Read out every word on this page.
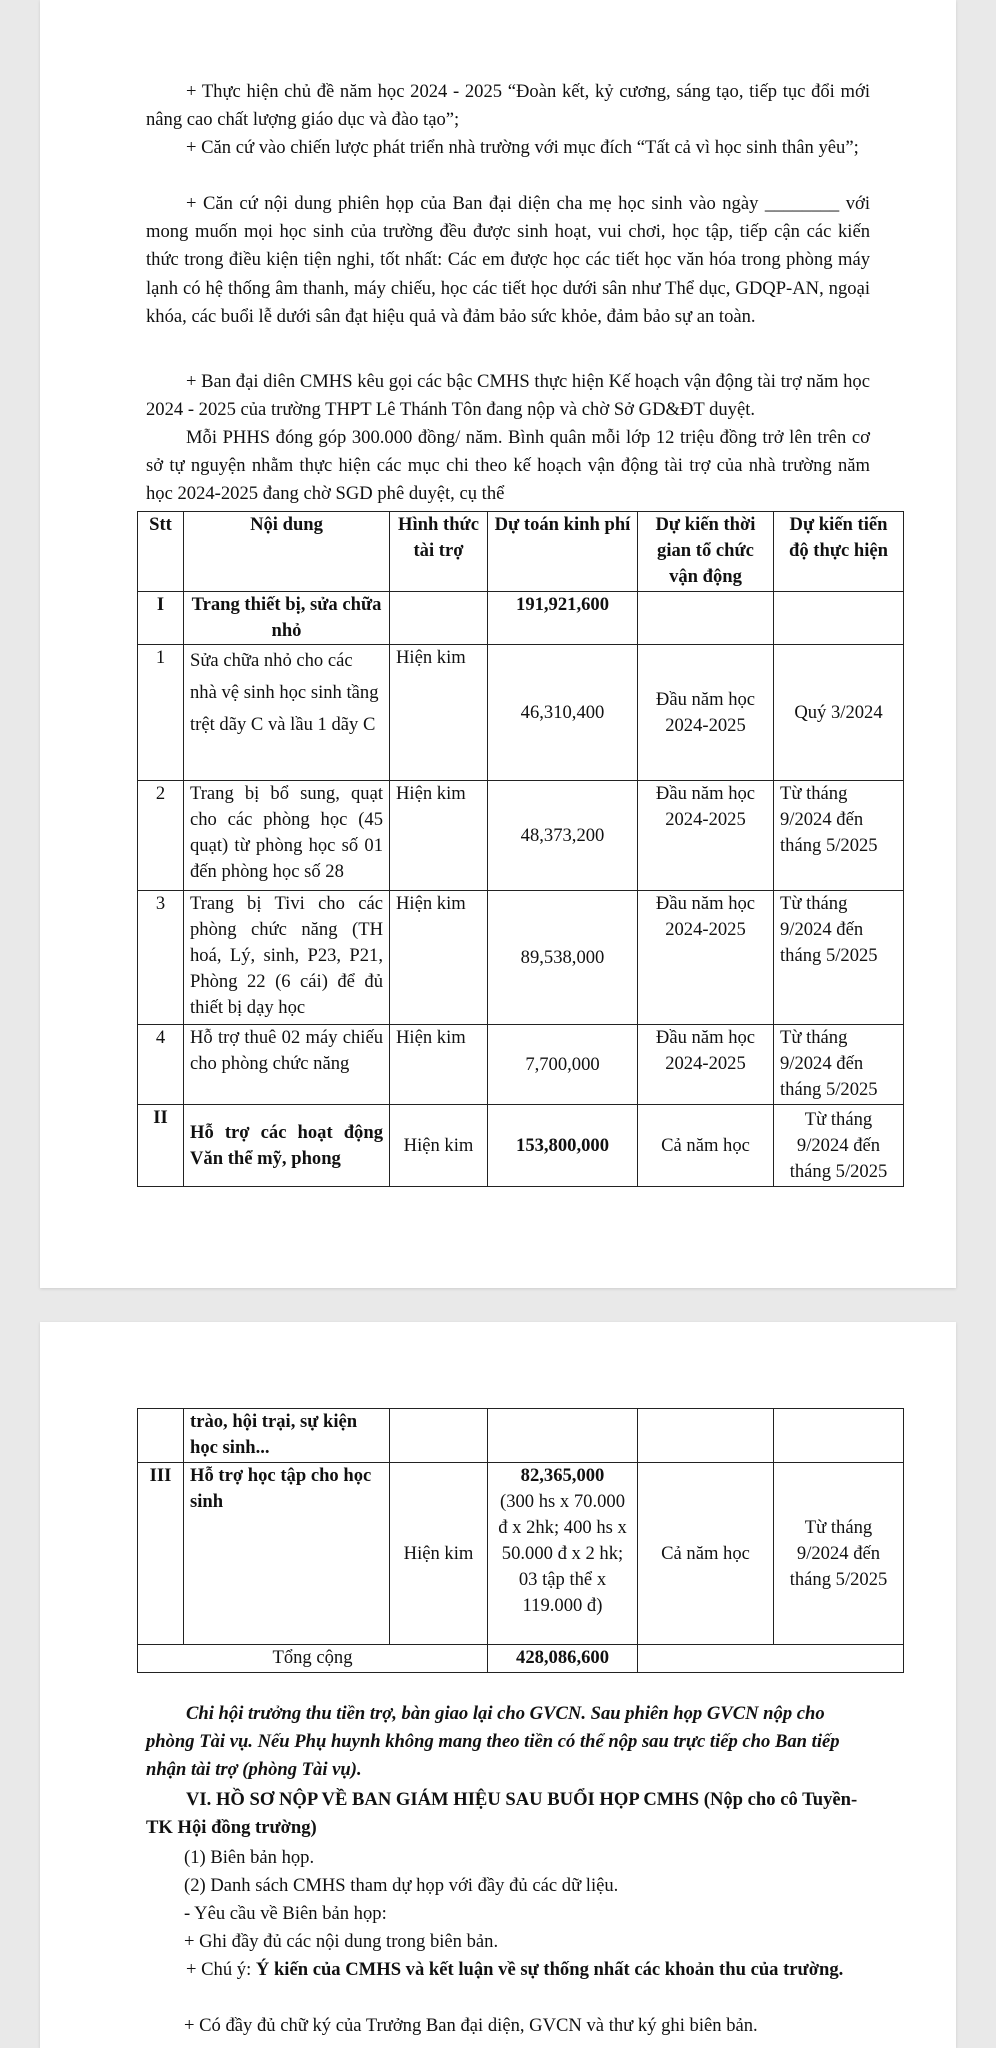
+ Thực hiện chủ đề năm học 2024 - 2025 “Đoàn kết, kỷ cương, sáng tạo, tiếp tục đổi mới nâng cao chất lượng giáo dục và đào tạo”;

+ Căn cứ vào chiến lược phát triển nhà trường với mục đích “Tất cả vì học sinh thân yêu”;

+ Căn cứ nội dung phiên họp của Ban đại diện cha mẹ học sinh vào ngày ________ với mong muốn mọi học sinh của trường đều được sinh hoạt, vui chơi, học tập, tiếp cận các kiến thức trong điều kiện tiện nghi, tốt nhất: Các em được học các tiết học văn hóa trong phòng máy lạnh có hệ thống âm thanh, máy chiếu, học các tiết học dưới sân như Thể dục, GDQP-AN, ngoại khóa, các buổi lễ dưới sân đạt hiệu quả và đảm bảo sức khỏe, đảm bảo sự an toàn.

+ Ban đại diên CMHS kêu gọi các bậc CMHS thực hiện Kế hoạch vận động tài trợ năm học 2024 - 2025 của trường THPT Lê Thánh Tôn đang nộp và chờ Sở GD&ĐT duyệt.

Mỗi PHHS đóng góp 300.000 đồng/ năm. Bình quân mỗi lớp 12 triệu đồng trở lên trên cơ sở tự nguyện nhằm thực hiện các mục chi theo kế hoạch vận động tài trợ của nhà trường năm học 2024-2025 đang chờ SGD phê duyệt, cụ thể

Stt	Nội dung	Hình thức tài trợ	Dự toán kinh phí	Dự kiến thời gian tổ chức vận động	Dự kiến tiến độ thực hiện
I	Trang thiết bị, sửa chữa nhỏ		191,921,600		
1	Sửa chữa nhỏ cho các nhà vệ sinh học sinh tầng trệt dãy C và lầu 1 dãy C	Hiện kim	46,310,400	Đầu năm học 2024-2025	Quý 3/2024
2	Trang bị bổ sung, quạt cho các phòng học (45 quạt) từ phòng học số 01 đến phòng học số 28	Hiện kim	48,373,200	Đầu năm học 2024-2025	Từ tháng 9/2024 đến tháng 5/2025
3	Trang bị Tivi cho các phòng chức năng (TH hoá, Lý, sinh, P23, P21, Phòng 22 (6 cái) để đủ thiết bị dạy học	Hiện kim	89,538,000	Đầu năm học 2024-2025	Từ tháng 9/2024 đến tháng 5/2025
4	Hỗ trợ thuê 02 máy chiếu cho phòng chức năng	Hiện kim	7,700,000	Đầu năm học 2024-2025	Từ tháng 9/2024 đến tháng 5/2025
II	Hỗ trợ các hoạt động Văn thể mỹ, phong	Hiện kim	153,800,000	Cả năm học	Từ tháng 9/2024 đến tháng 5/2025
	trào, hội trại, sự kiện học sinh...				
III	Hỗ trợ học tập cho học sinh	Hiện kim	82,365,000
(300 hs x 70.000 đ x 2hk; 400 hs x 50.000 đ x 2 hk; 03 tập thể x 119.000 đ)	Cả năm học	Từ tháng 9/2024 đến tháng 5/2025
Tổng cộng			428,086,600		

Chi hội trưởng thu tiền trợ, bàn giao lại cho GVCN. Sau phiên họp GVCN nộp cho phòng Tài vụ. Nếu Phụ huynh không mang theo tiền có thể nộp sau trực tiếp cho Ban tiếp nhận tài trợ (phòng Tài vụ).

VI. HỒ SƠ NỘP VỀ BAN GIÁM HIỆU SAU BUỔI HỌP CMHS (Nộp cho cô Tuyền- TK Hội đồng trường)

(1) Biên bản họp.

(2) Danh sách CMHS tham dự họp với đầy đủ các dữ liệu.

- Yêu cầu về Biên bản họp:

+ Ghi đầy đủ các nội dung trong biên bản.

+ Chú ý: Ý kiến của CMHS và kết luận về sự thống nhất các khoản thu của trường.

+ Có đầy đủ chữ ký của Trưởng Ban đại diện, GVCN và thư ký ghi biên bản.
